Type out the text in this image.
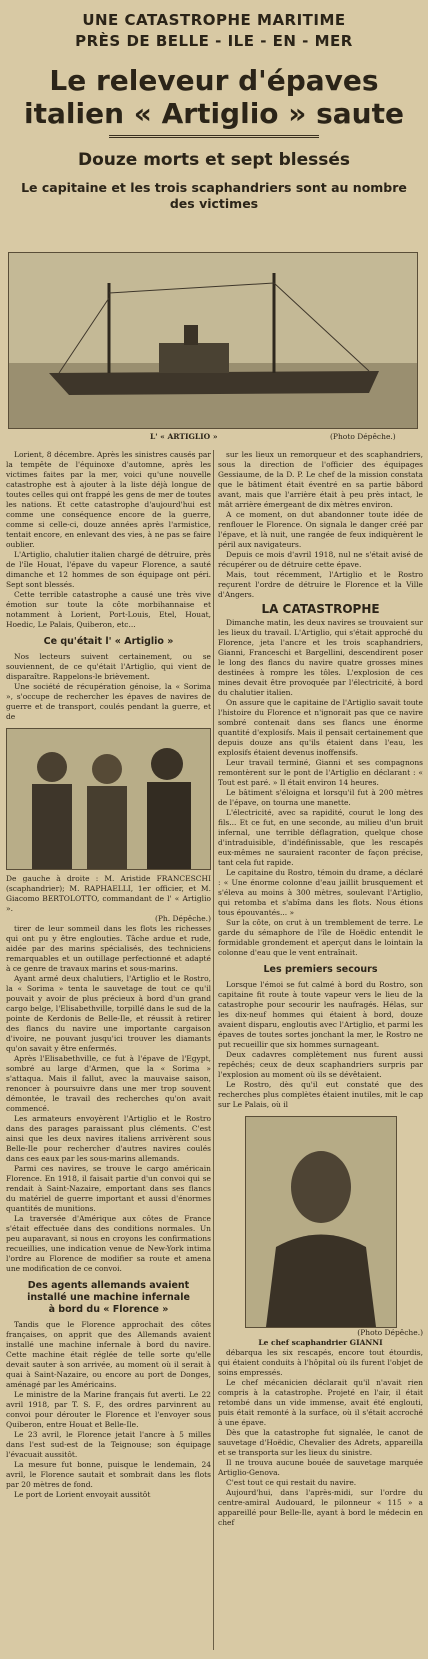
UNE CATASTROPHE MARITIME
PRÈS DE BELLE - ILE - EN - MER
Le releveur d'épaves
italien « Artiglio » saute
Douze morts et sept blessés
Le capitaine et les trois scaphandriers sont au nombre
des victimes
L' « ARTIGLIO »	(Photo Dépêche.)

Lorient, 8 décembre. Après les sinistres causés par la tempête de l'équinoxe d'automne, après les victimes faites par la mer, voici qu'une nouvelle catastrophe est à ajouter à la liste déjà longue de toutes celles qui ont frappé les gens de mer de toutes les nations. Et cette catastrophe d'aujourd'hui est comme une conséquence encore de la guerre, comme si celle-ci, douze années après l'armistice, tentait encore, en enlevant des vies, à ne pas se faire oublier.

L'Artiglio, chalutier italien chargé de détruire, près de l'île Houat, l'épave du vapeur Florence, a sauté dimanche et 12 hommes de son équipage ont péri. Sept sont blessés.

Cette terrible catastrophe a causé une très vive émotion sur toute la côte morbihannaise et notamment à Lorient, Port-Louis, Etel, Houat, Hoedic, Le Palais, Quiberon, etc...

Ce qu'était l' « Artiglio »

Nos lecteurs suivent certainement, ou se souviennent, de ce qu'était l'Artiglio, qui vient de disparaître. Rappelons-le brièvement.

Une société de récupération génoise, la « Sorima », s'occupe de rechercher les épaves de navires de guerre et de transport, coulés pendant la guerre, et de

De gauche à droite : M. Aristide FRANCESCHI (scaphandrier); M. RAPHAELLI, 1er officier, et M. Giacomo BERTOLOTTO, commandant de l' « Artiglio ».
(Ph. Dépêche.)

tirer de leur sommeil dans les flots les richesses qui ont pu y être englouties. Tâche ardue et rude, aidée par des marins spécialisés, des techniciens remarquables et un outillage perfectionné et adapté à ce genre de travaux marins et sous-marins.

Ayant armé deux chalutiers, l'Artiglio et le Rostro, la « Sorima » tenta le sauvetage de tout ce qu'il pouvait y avoir de plus précieux à bord d'un grand cargo belge, l'Elisabethville, torpillé dans le sud de la pointe de Kerdonis de Belle-Ile, et réussit à retirer des flancs du navire une importante cargaison d'ivoire, ne pouvant jusqu'ici trouver les diamants qu'on savait y être enfermés.

Après l'Elisabethville, ce fut à l'épave de l'Egypt, sombré au large d'Armen, que la « Sorima » s'attaqua. Mais il fallut, avec la mauvaise saison, renoncer à poursuivre dans une mer trop souvent démontée, le travail des recherches qu'on avait commencé.

Les armateurs envoyèrent l'Artiglio et le Rostro dans des parages paraissant plus cléments. C'est ainsi que les deux navires italiens arrivèrent sous Belle-Ile pour rechercher d'autres navires coulés dans ces eaux par les sous-marins allemands.

Parmi ces navires, se trouve le cargo américain Florence. En 1918, il faisait partie d'un convoi qui se rendait à Saint-Nazaire, emportant dans ses flancs du matériel de guerre important et aussi d'énormes quantités de munitions.

La traversée d'Amérique aux côtes de France s'était effectuée dans des conditions normales. Un peu auparavant, si nous en croyons les confirmations recueillies, une indication venue de New-York intima l'ordre au Florence de modifier sa route et amena une modification de ce convoi.

Des agents allemands avaient
installé une machine infernale
à bord du « Florence »

Tandis que le Florence approchait des côtes françaises, on apprit que des Allemands avaient installé une machine infernale à bord du navire. Cette machine était réglée de telle sorte qu'elle devait sauter à son arrivée, au moment où il serait à quai à Saint-Nazaire, ou encore au port de Donges, aménagé par les Américains.

Le ministre de la Marine français fut averti. Le 22 avril 1918, par T. S. F., des ordres parvinrent au convoi pour dérouter le Florence et l'envoyer sous Quiberon, entre Houat et Belle-Ile.

Le 23 avril, le Florence jetait l'ancre à 5 milles dans l'est sud-est de la Teignouse; son équipage l'évacuait aussitôt.

La mesure fut bonne, puisque le lendemain, 24 avril, le Florence sautait et sombrait dans les flots par 20 mètres de fond.

Le port de Lorient envoyait aussitôt

sur les lieux un remorqueur et des scaphandriers, sous la direction de l'officier des équipages Gessiaume, de la D. P. Le chef de la mission constata que le bâtiment était éventré en sa partie bâbord avant, mais que l'arrière était à peu près intact, le mât arrière émergeant de dix mètres environ.

A ce moment, on dut abandonner toute idée de renflouer le Florence. On signala le danger créé par l'épave, et là nuit, une rangée de feux indiquèrent le péril aux navigateurs.

Depuis ce mois d'avril 1918, nul ne s'était avisé de récupérer ou de détruire cette épave.

Mais, tout récemment, l'Artiglio et le Rostro reçurent l'ordre de détruire le Florence et la Ville d'Angers.

LA CATASTROPHE

Dimanche matin, les deux navires se trouvaient sur les lieux du travail. L'Artiglio, qui s'était approché du Florence, jeta l'ancre et les trois scaphandriers, Gianni, Franceschi et Bargellini, descendirent poser le long des flancs du navire quatre grosses mines destinées à rompre les tôles. L'explosion de ces mines devait être provoquée par l'électricité, à bord du chalutier italien.

On assure que le capitaine de l'Artiglio savait toute l'histoire du Florence et n'ignorait pas que ce navire sombré contenait dans ses flancs une énorme quantité d'explosifs. Mais il pensait certainement que depuis douze ans qu'ils étaient dans l'eau, les explosifs étaient devenus inoffensifs.

Leur travail terminé, Gianni et ses compagnons remontèrent sur le pont de l'Artiglio en déclarant : « Tout est paré. » Il était environ 14 heures.

Le bâtiment s'éloigna et lorsqu'il fut à 200 mètres de l'épave, on tourna une manette.

L'électricité, avec sa rapidité, courut le long des fils... Et ce fut, en une seconde, au milieu d'un bruit infernal, une terrible déflagration, quelque chose d'intraduisible, d'indéfinissable, que les rescapés eux-mêmes ne sauraient raconter de façon précise, tant cela fut rapide.

Le capitaine du Rostro, témoin du drame, a déclaré : « Une énorme colonne d'eau jaillit brusquement et s'éleva au moins à 300 mètres, soulevant l'Artiglio, qui retomba et s'abîma dans les flots. Nous étions tous épouvantés... »

Sur la côte, on crut à un tremblement de terre. Le garde du sémaphore de l'île de Hoëdic entendit le formidable grondement et aperçut dans le lointain la colonne d'eau que le vent entraînait.

Les premiers secours

Lorsque l'émoi se fut calmé à bord du Rostro, son capitaine fit route à toute vapeur vers le lieu de la catastrophe pour secourir les naufragés. Hélas, sur les dix-neuf hommes qui étaient à bord, douze avaient disparu, engloutis avec l'Artiglio, et parmi les épaves de toutes sortes jonchant la mer, le Rostro ne put recueillir que six hommes surnageant.

Deux cadavres complètement nus furent aussi repêchés; ceux de deux scaphandriers surpris par l'explosion au moment où ils se dévêtaient.

Le Rostro, dès qu'il eut constaté que des recherches plus complètes étaient inutiles, mit le cap sur Le Palais, où il

(Photo Dépêche.)
Le chef scaphandrier GIANNI

débarqua les six rescapés, encore tout étourdis, qui étaient conduits à l'hôpital où ils furent l'objet de soins empressés.

Le chef mécanicien déclarait qu'il n'avait rien compris à la catastrophe. Projeté en l'air, il était retombé dans un vide immense, avait été englouti, puis était remonté à la surface, où il s'était accroché à une épave.

Dès que la catastrophe fut signalée, le canot de sauvetage d'Hoëdic, Chevalier des Adrets, appareilla et se transporta sur les lieux du sinistre.

Il ne trouva aucune bouée de sauvetage marquée Artiglio-Genova.

C'est tout ce qui restait du navire.

Aujourd'hui, dans l'après-midi, sur l'ordre du centre-amiral Audouard, le pilonneur « 115 » a appareillé pour Belle-Ile, ayant à bord le médecin en chef
